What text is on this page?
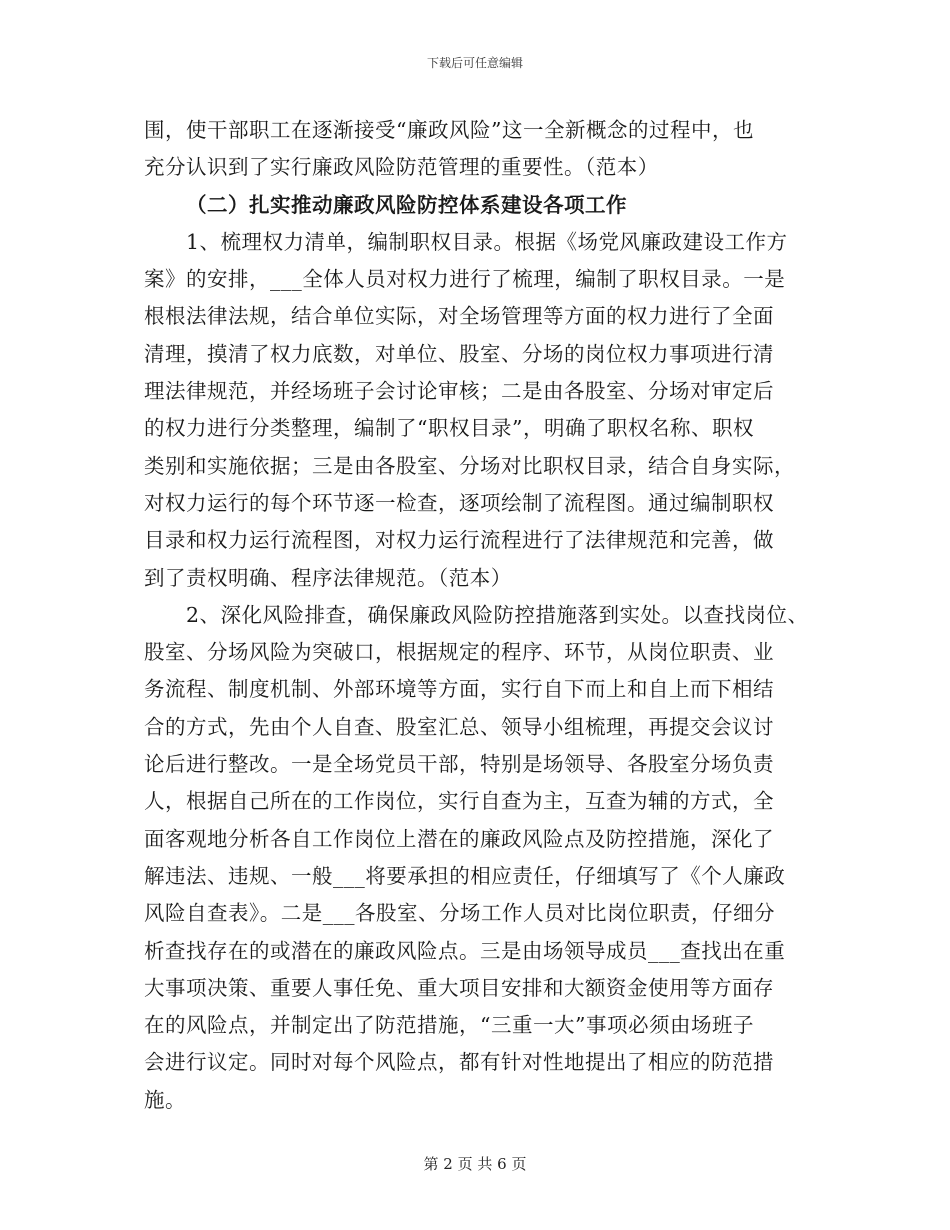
下载后可任意编辑
围，使干部职工在逐渐接受“廉政风险”这一全新概念的过程中，也
充分认识到了实行廉政风险防范管理的重要性。（范本）
（二）扎实推动廉政风险防控体系建设各项工作
1、梳理权力清单，编制职权目录。根据《场党风廉政建设工作方
案》的安排，___全体人员对权力进行了梳理，编制了职权目录。一是
根根法律法规，结合单位实际，对全场管理等方面的权力进行了全面
清理，摸清了权力底数，对单位、股室、分场的岗位权力事项进行清
理法律规范，并经场班子会讨论审核；二是由各股室、分场对审定后
的权力进行分类整理，编制了“职权目录”，明确了职权名称、职权
类别和实施依据；三是由各股室、分场对比职权目录，结合自身实际，
对权力运行的每个环节逐一检查，逐项绘制了流程图。通过编制职权
目录和权力运行流程图，对权力运行流程进行了法律规范和完善，做
到了责权明确、程序法律规范。（范本）
2、深化风险排查，确保廉政风险防控措施落到实处。以查找岗位、
股室、分场风险为突破口，根据规定的程序、环节，从岗位职责、业
务流程、制度机制、外部环境等方面，实行自下而上和自上而下相结
合的方式，先由个人自查、股室汇总、领导小组梳理，再提交会议讨
论后进行整改。一是全场党员干部，特别是场领导、各股室分场负责
人，根据自己所在的工作岗位，实行自查为主，互查为辅的方式，全
面客观地分析各自工作岗位上潜在的廉政风险点及防控措施，深化了
解违法、违规、一般___将要承担的相应责任，仔细填写了《个人廉政
风险自查表》。二是___各股室、分场工作人员对比岗位职责，仔细分
析查找存在的或潜在的廉政风险点。三是由场领导成员___查找出在重
大事项决策、重要人事任免、重大项目安排和大额资金使用等方面存
在的风险点，并制定出了防范措施，“三重一大”事项必须由场班子
会进行议定。同时对每个风险点，都有针对性地提出了相应的防范措
施。
第 2 页 共 6 页
